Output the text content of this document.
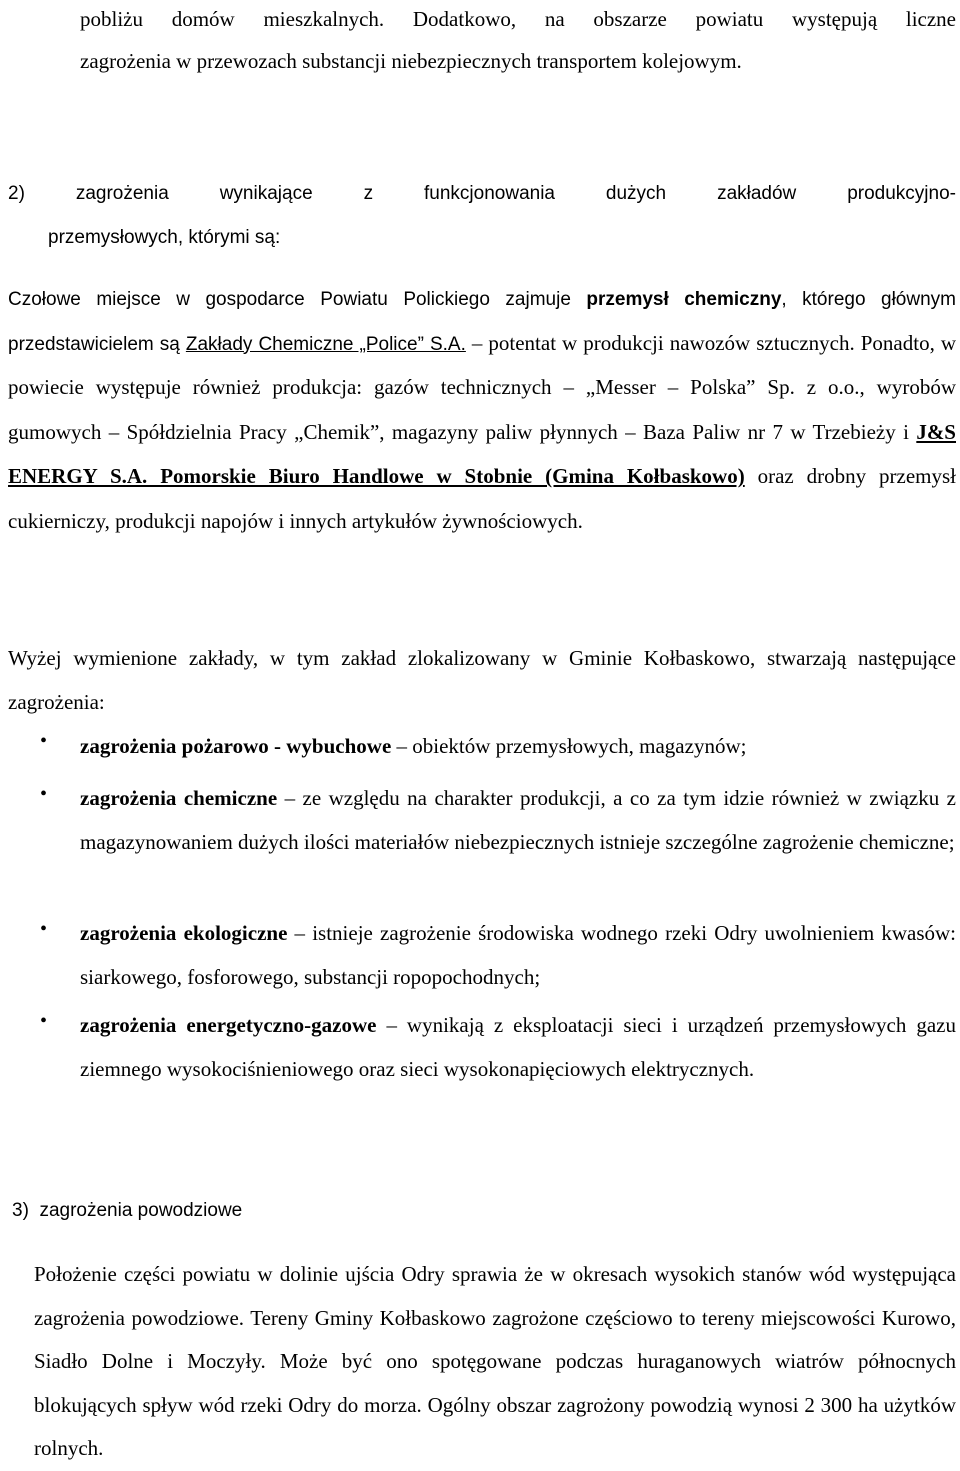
pobliżu domów mieszkalnych. Dodatkowo, na obszarze powiatu występują liczne
zagrożenia w przewozach substancji niebezpiecznych transportem kolejowym.
2) zagrożenia wynikające z funkcjonowania dużych zakładów produkcyjno-
przemysłowych, którymi są:
Czołowe miejsce w gospodarce Powiatu Polickiego zajmuje przemysł chemiczny, którego głównym przedstawicielem są Zakłady Chemiczne „Police” S.A. – potentat w produkcji nawozów sztucznych. Ponadto, w powiecie występuje również produkcja: gazów technicznych – „Messer – Polska” Sp. z o.o., wyrobów gumowych – Spółdzielnia Pracy „Chemik”, magazyny paliw płynnych – Baza Paliw nr 7 w Trzebieży i J&S ENERGY S.A. Pomorskie Biuro Handlowe w Stobnie (Gmina Kołbaskowo) oraz drobny przemysł cukierniczy, produkcji napojów i innych artykułów żywnościowych.
Wyżej wymienione zakłady, w tym zakład zlokalizowany w Gminie Kołbaskowo, stwarzają następujące zagrożenia:
• zagrożenia pożarowo - wybuchowe – obiektów przemysłowych, magazynów;
• zagrożenia chemiczne – ze względu na charakter produkcji, a co za tym idzie również w związku z magazynowaniem dużych ilości materiałów niebezpiecznych istnieje szczególne zagrożenie chemiczne;
• zagrożenia ekologiczne – istnieje zagrożenie środowiska wodnego rzeki Odry uwolnieniem kwasów: siarkowego, fosforowego, substancji ropopochodnych;
• zagrożenia energetyczno-gazowe – wynikają z eksploatacji sieci i urządzeń przemysłowych gazu ziemnego wysokociśnieniowego oraz sieci wysokonapięciowych elektrycznych.
3)  zagrożenia powodziowe
Położenie części powiatu w dolinie ujścia Odry sprawia że w okresach wysokich stanów wód występująca zagrożenia powodziowe. Tereny Gminy Kołbaskowo zagrożone częściowo to tereny miejscowości Kurowo, Siadło Dolne i Moczyły. Może być ono spotęgowane podczas huraganowych wiatrów północnych blokujących spływ wód rzeki Odry do morza. Ogólny obszar zagrożony powodzią wynosi 2 300 ha użytków rolnych.
